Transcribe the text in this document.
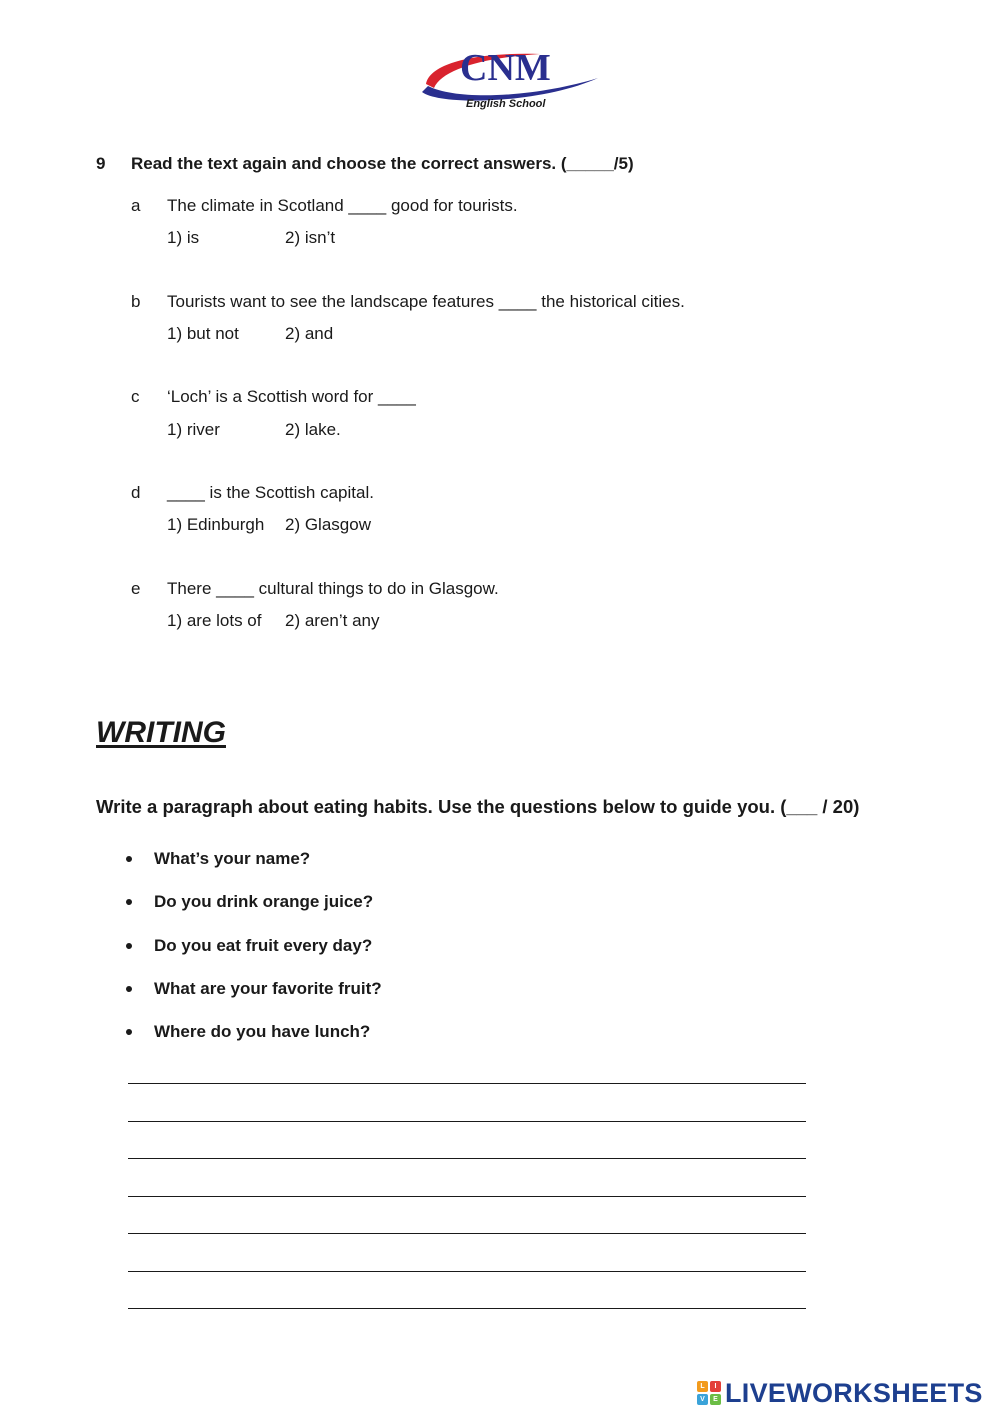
CNM
English School
9 Read the text again and choose the correct answers. (_____/5)
a The climate in Scotland ____ good for tourists.
1) is	2) isn’t
b Tourists want to see the landscape features ____ the historical cities.
1) but not	2) and
c ‘Loch’ is a Scottish word for ____
1) river	2) lake.
d ____ is the Scottish capital.
1) Edinburgh 2) Glasgow
e There ____ cultural things to do in Glasgow.
1) are lots of 2) aren’t any
WRITING
Write a paragraph about eating habits. Use the questions below to guide you. (___ / 20)
What’s your name?
Do you drink orange juice?
Do you eat fruit every day?
What are your favorite fruit?
Where do you have lunch?
L	I
V	E LIVEWORKSHEETS
